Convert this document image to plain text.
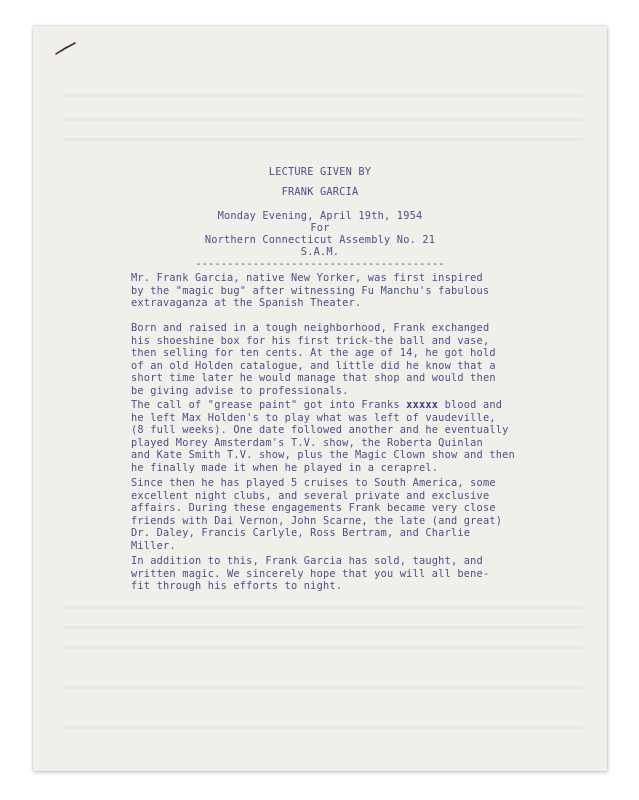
LECTURE GIVEN BY

FRANK GARCIA

Monday Evening, April 19th, 1954

For

Northern Connecticut Assembly No. 21

S.A.M.

---------------------------------------

Mr. Frank Garcia, native New Yorker, was first inspired

by the "magic bug" after witnessing Fu Manchu's fabulous

extravaganza at the Spanish Theater.

Born and raised in a tough neighborhood, Frank exchanged

his shoeshine box for his first trick-the ball and vase,

then selling for ten cents. At the age of 14, he got hold

of an old Holden catalogue, and little did he know that a

short time later he would manage that shop and would then

be giving advise to professionals.

The call of "grease paint" got into Franks xxxxx blood and

he left Max Holden's to play what was left of vaudeville,

(8 full weeks). One date followed another and he eventually

played Morey Amsterdam's T.V. show, the Roberta Quinlan

and Kate Smith T.V. show, plus the Magic Clown show and then

he finally made it when he played in a ceraprel.

Since then he has played 5 cruises to South America, some

excellent night clubs, and several private and exclusive

affairs. During these engagements Frank became very close

friends with Dai Vernon, John Scarne, the late (and great)

Dr. Daley, Francis Carlyle, Ross Bertram, and Charlie

Miller.

In addition to this, Frank Garcia has sold, taught, and

written magic. We sincerely hope that you will all bene-

fit through his efforts to night.
